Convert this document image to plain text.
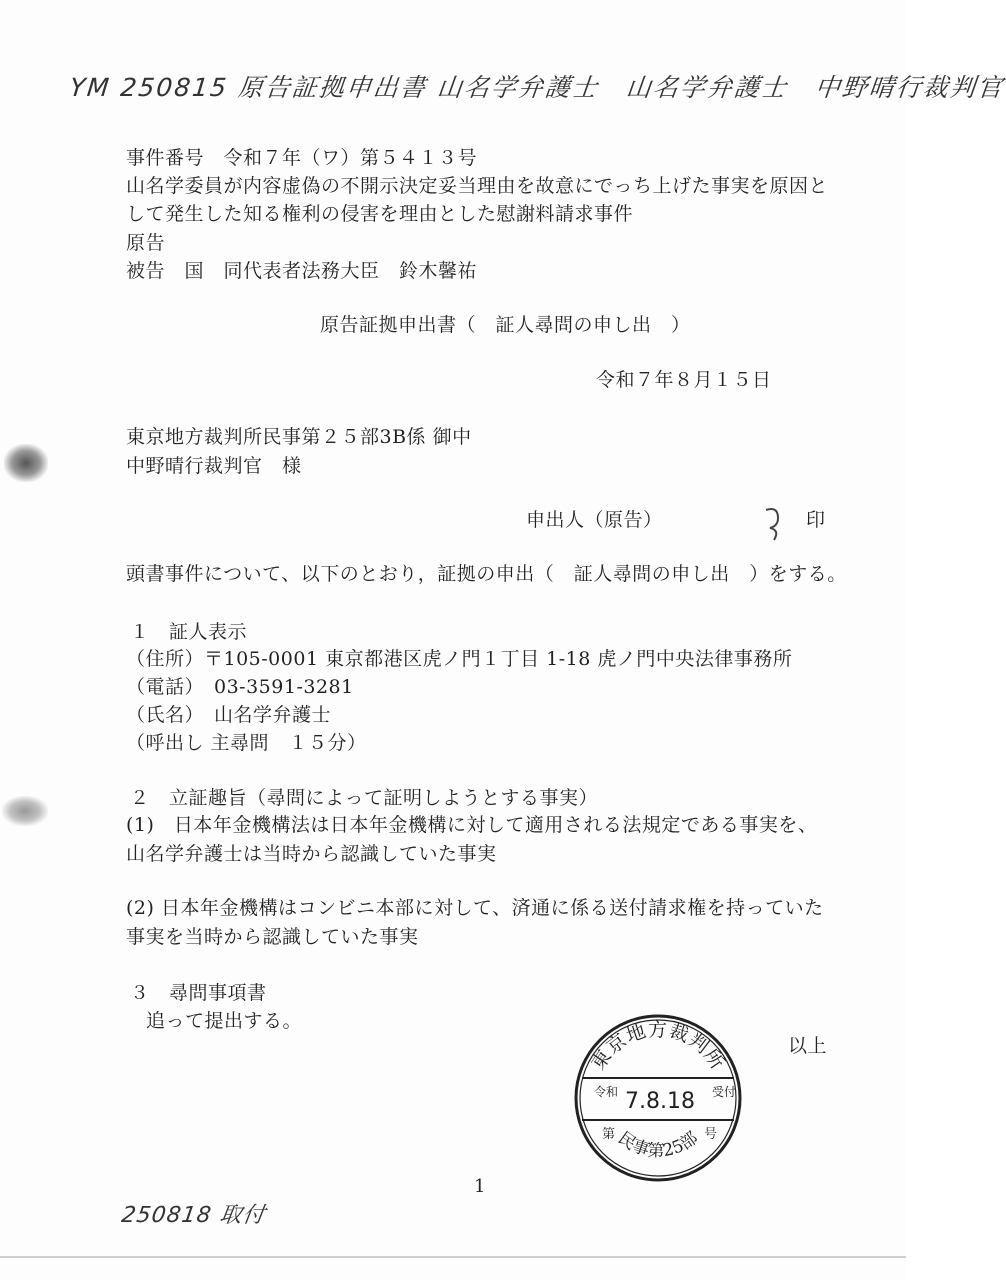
YM 250815 原告証拠申出書 山名学弁護士　山名学弁護士　中野晴行裁判官
事件番号　令和７年（ワ）第５４１３号
山名学委員が内容虚偽の不開示決定妥当理由を故意にでっち上げた事実を原因と
して発生した知る権利の侵害を理由とした慰謝料請求事件
原告
被告　国　同代表者法務大臣　鈴木馨祐
原告証拠申出書（　証人尋問の申し出　）
令和７年８月１５日
東京地方裁判所民事第２５部3B係 御中
中野晴行裁判官　様
申出人（原告）	印
頭書事件について、以下のとおり，証拠の申出（　証人尋問の申し出　）をする。
１　証人表示
（住所）〒105-0001 東京都港区虎ノ門１丁目 1-18 虎ノ門中央法律事務所
（電話）　03-3591-3281
（氏名）　山名学弁護士
（呼出し 主尋問　１５分）
２　立証趣旨（尋問によって証明しようとする事実）
(1)　日本年金機構法は日本年金機構に対して適用される法規定である事実を、
山名学弁護士は当時から認識していた事実
(2) 日本年金機構はコンビニ本部に対して、済通に係る送付請求権を持っていた
事実を当時から認識していた事実
３　尋問事項書
追って提出する。
以上
東京地方裁判所
令和 7.8.18 受付
第	号
民事第25部
1
250818 取付
